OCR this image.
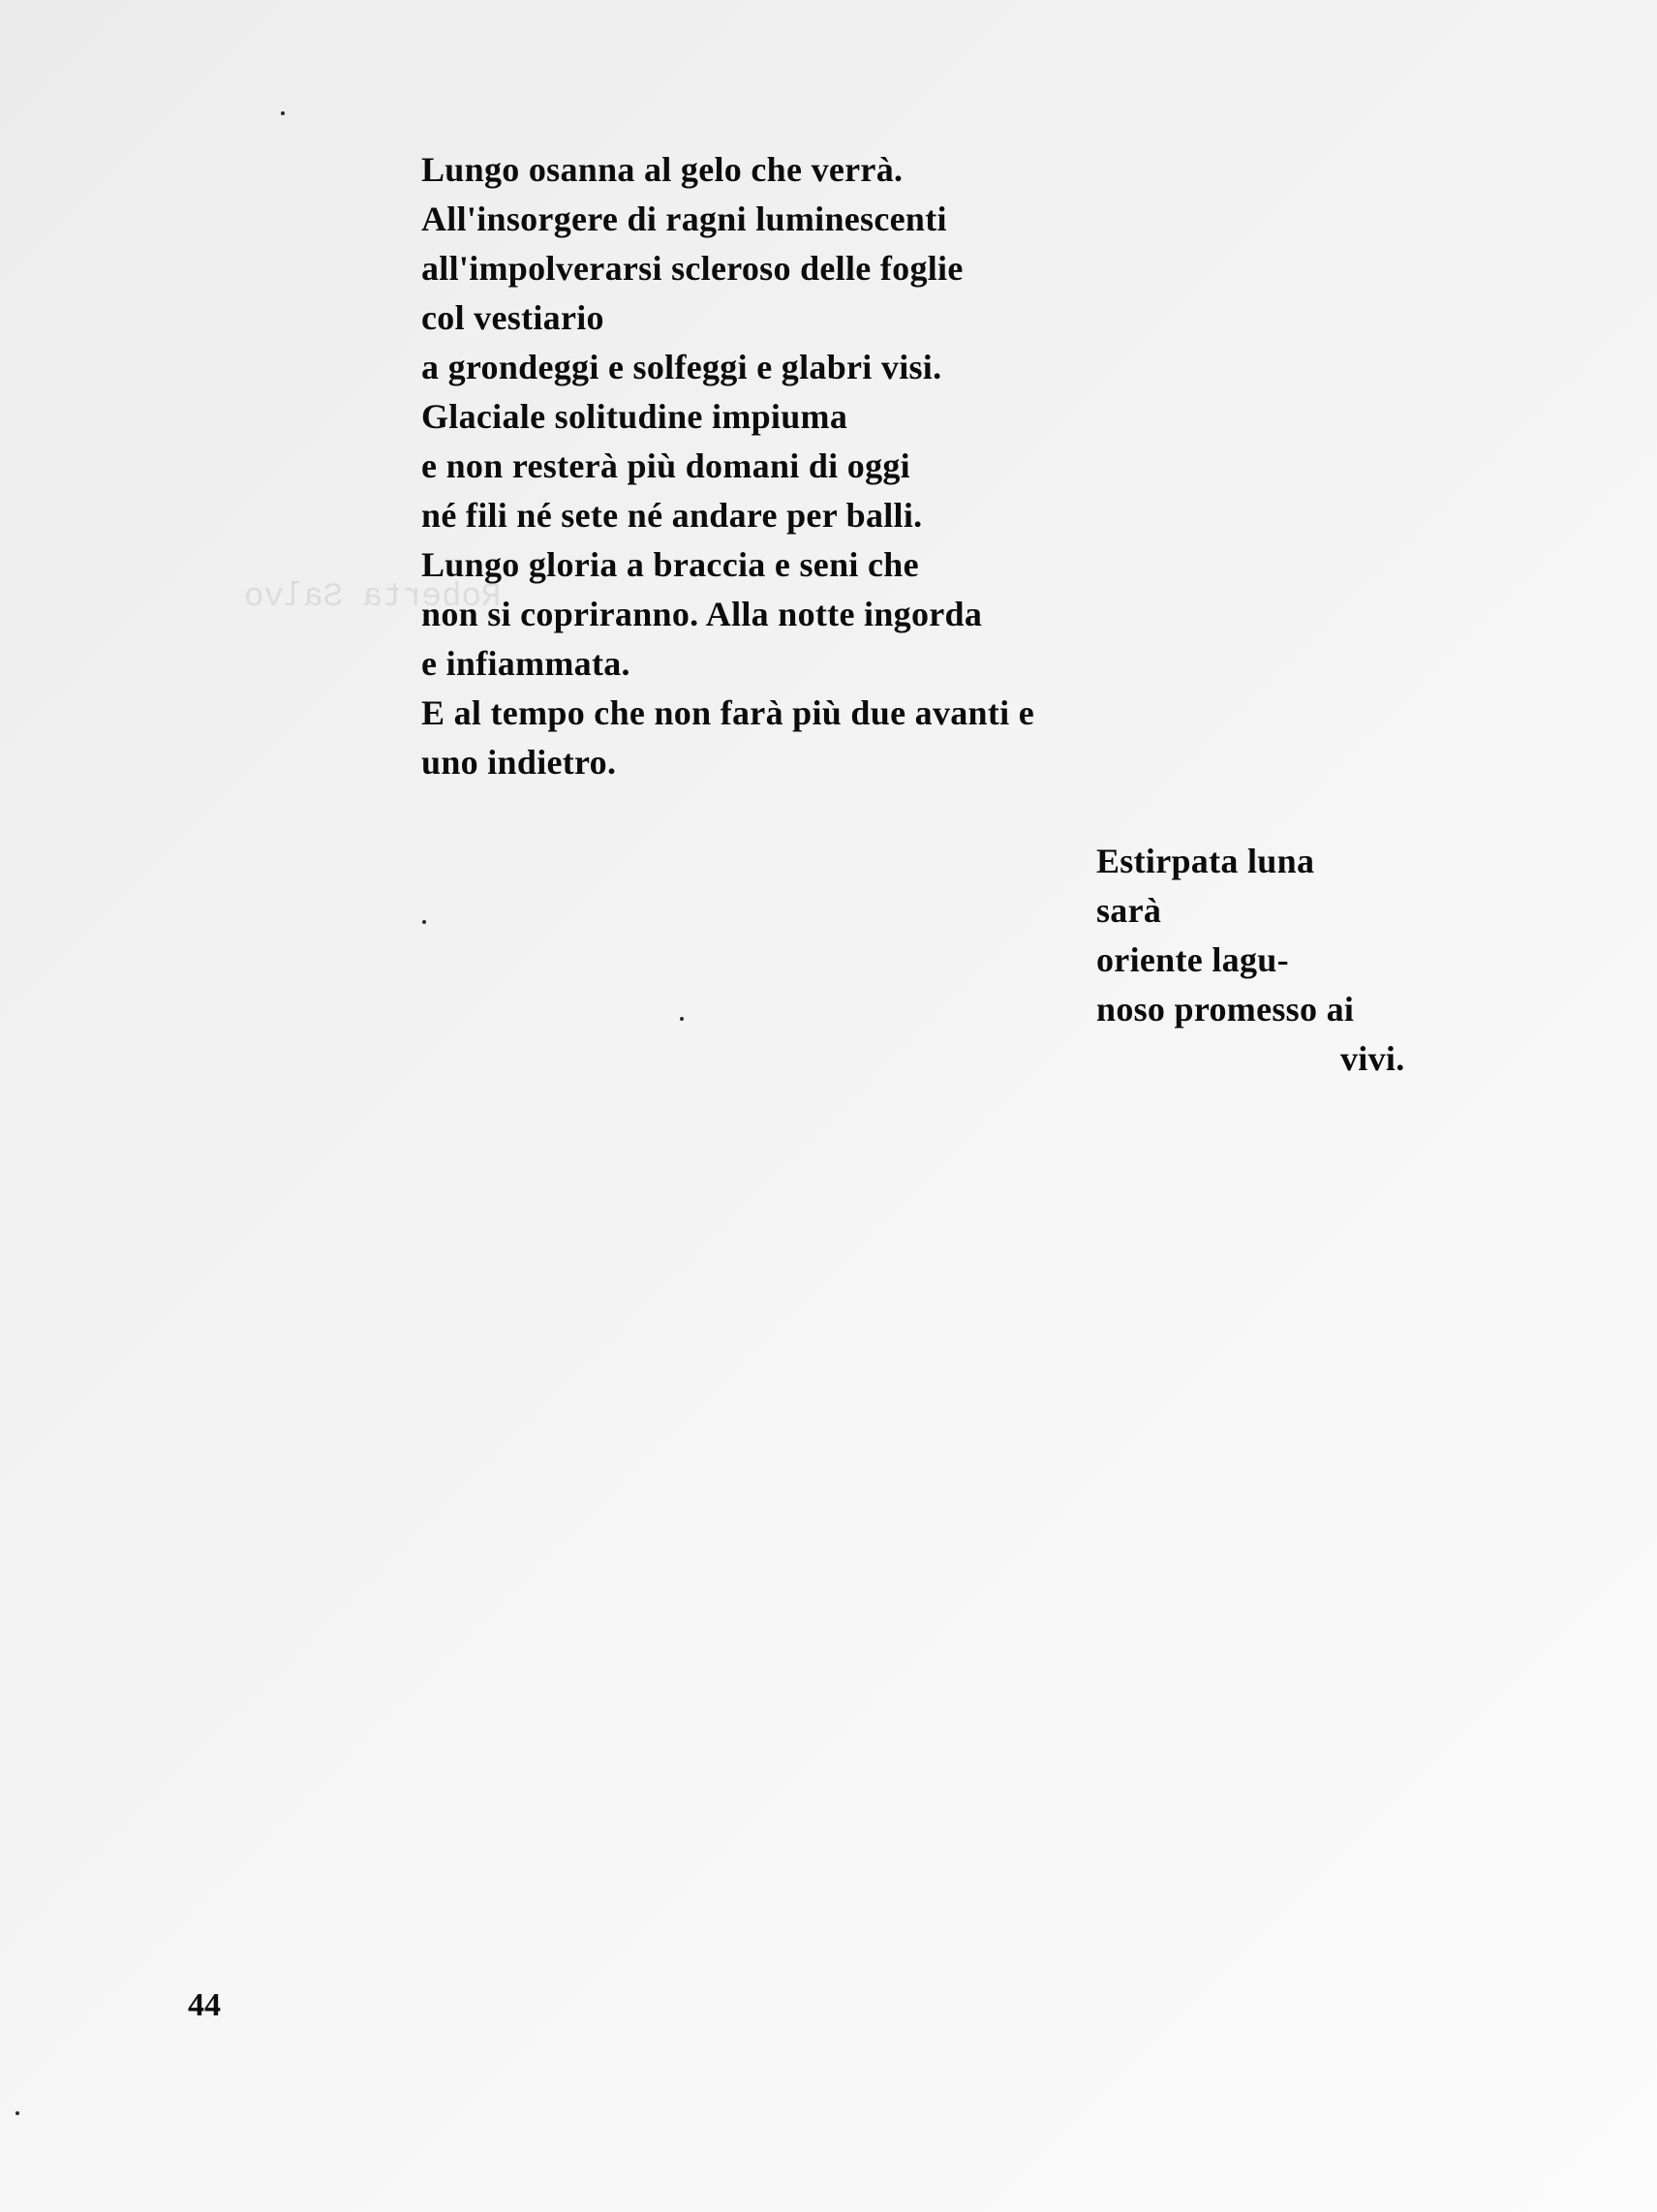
Roberta Salvo
Lungo osanna al gelo che verrà.
All'insorgere di ragni luminescenti
all'impolverarsi scleroso delle foglie
col vestiario
a grondeggi e solfeggi e glabri visi.
Glaciale solitudine impiuma
e non resterà più domani di oggi
né fili né sete né andare per balli.
Lungo gloria a braccia e seni che
non si copriranno. Alla notte ingorda
e infiammata.
E al tempo che non farà più due avanti e
uno indietro.
Estirpata luna
sarà
oriente lagu-
noso promesso ai
vivi.
44
